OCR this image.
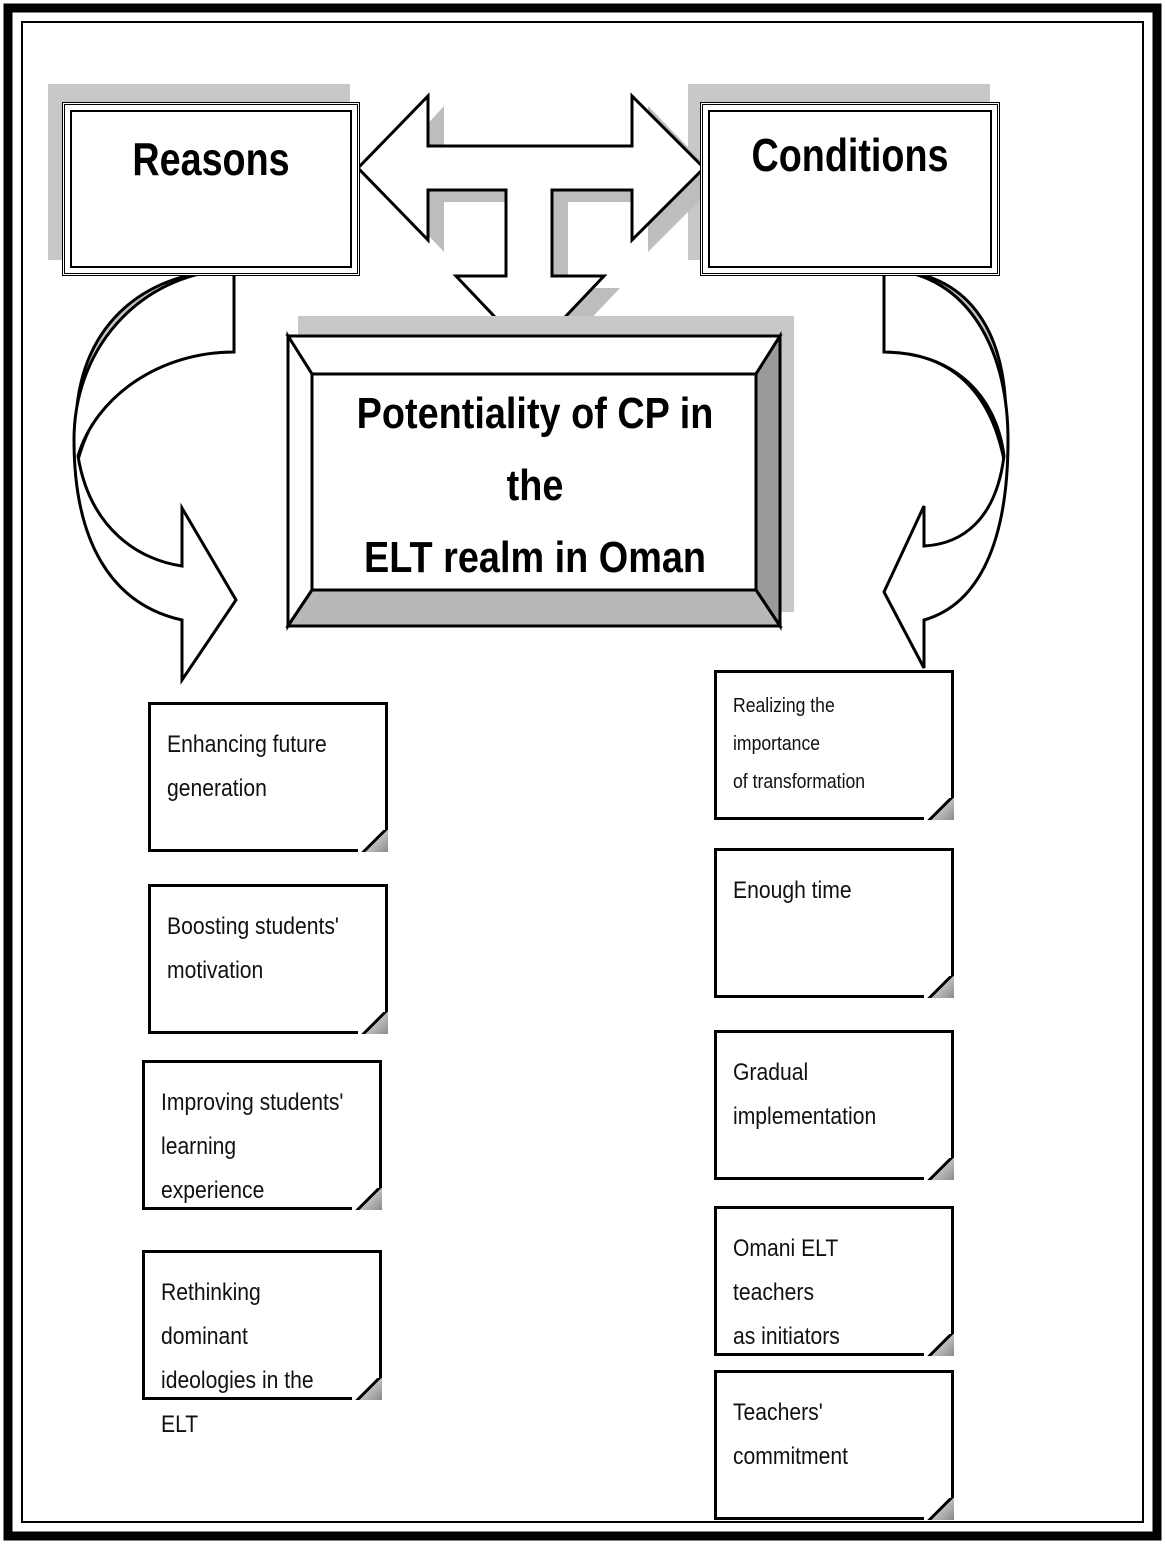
Reasons	Conditions
Potentiality of CP in the
ELT realm in Oman
Enhancing future
generation
Boosting students'
motivation
Improving students'
learning experience
Rethinking dominant
ideologies in the ELT
Realizing the importance
of transformation
Enough time
Gradual
implementation
Omani ELT teachers
as initiators
Teachers'
commitment
